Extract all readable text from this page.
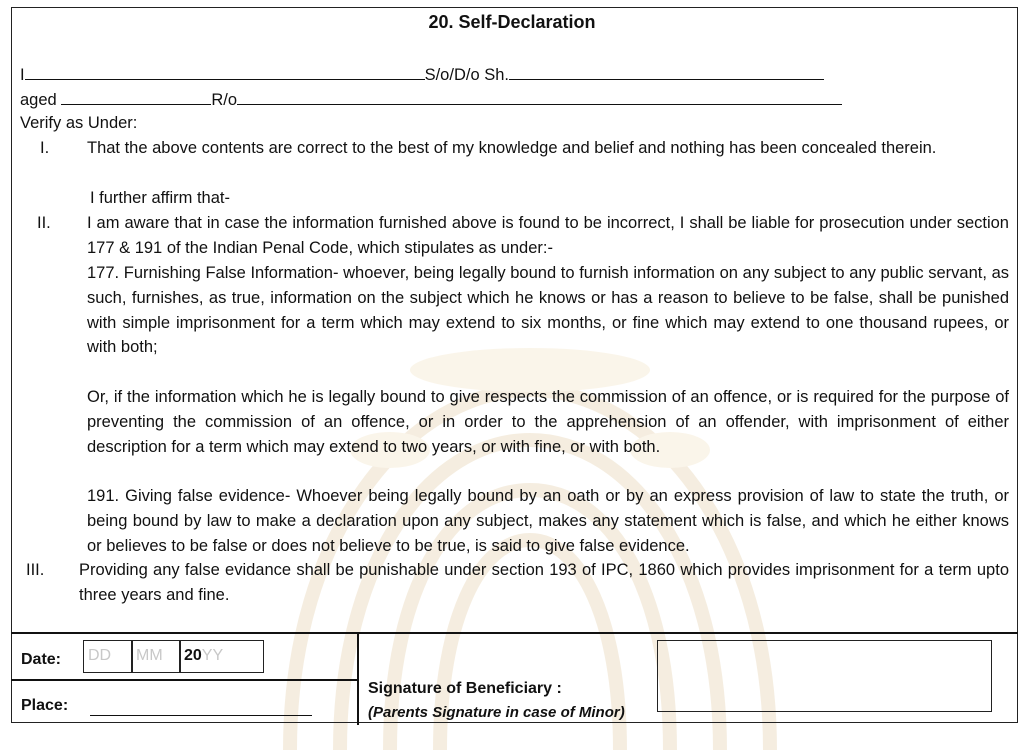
20. Self-Declaration
I	S/o/D/o Sh.
aged	R/o
Verify as Under:
I. That the above contents are correct to the best of my knowledge and belief and nothing has been concealed therein.
I further affirm that-
II. I am aware that in case the information furnished above is found to be incorrect, I shall be liable for prosecution under section 177 & 191 of the Indian Penal Code, which stipulates as under:-
177. Furnishing False Information- whoever, being legally bound to furnish information on any subject to any public servant, as such, furnishes, as true, information on the subject which he knows or has a reason to believe to be false, shall be punished with simple imprisonment for a term which may extend to six months, or fine which may extend to one thousand rupees, or with both;
Or, if the information which he is legally bound to give respects the commission of an offence, or is required for the purpose of preventing the commission of an offence, or in order to the apprehension of an offender, with imprisonment of either description for a term which may extend to two years, or with fine, or with both.
191. Giving false evidence- Whoever being legally bound by an oath or by an express provision of law to state the truth, or being bound by law to make a declaration upon any subject, makes any statement which is false, and which he either knows or believes to be false or does not believe to be true, is said to give false evidence.
III. Providing any false evidance shall be punishable under section 193 of IPC, 1860 which provides imprisonment for a term upto three years and fine.
Date:	DD	MM	20YY
Place:
Signature of Beneficiary :
(Parents Signature in case of Minor)
